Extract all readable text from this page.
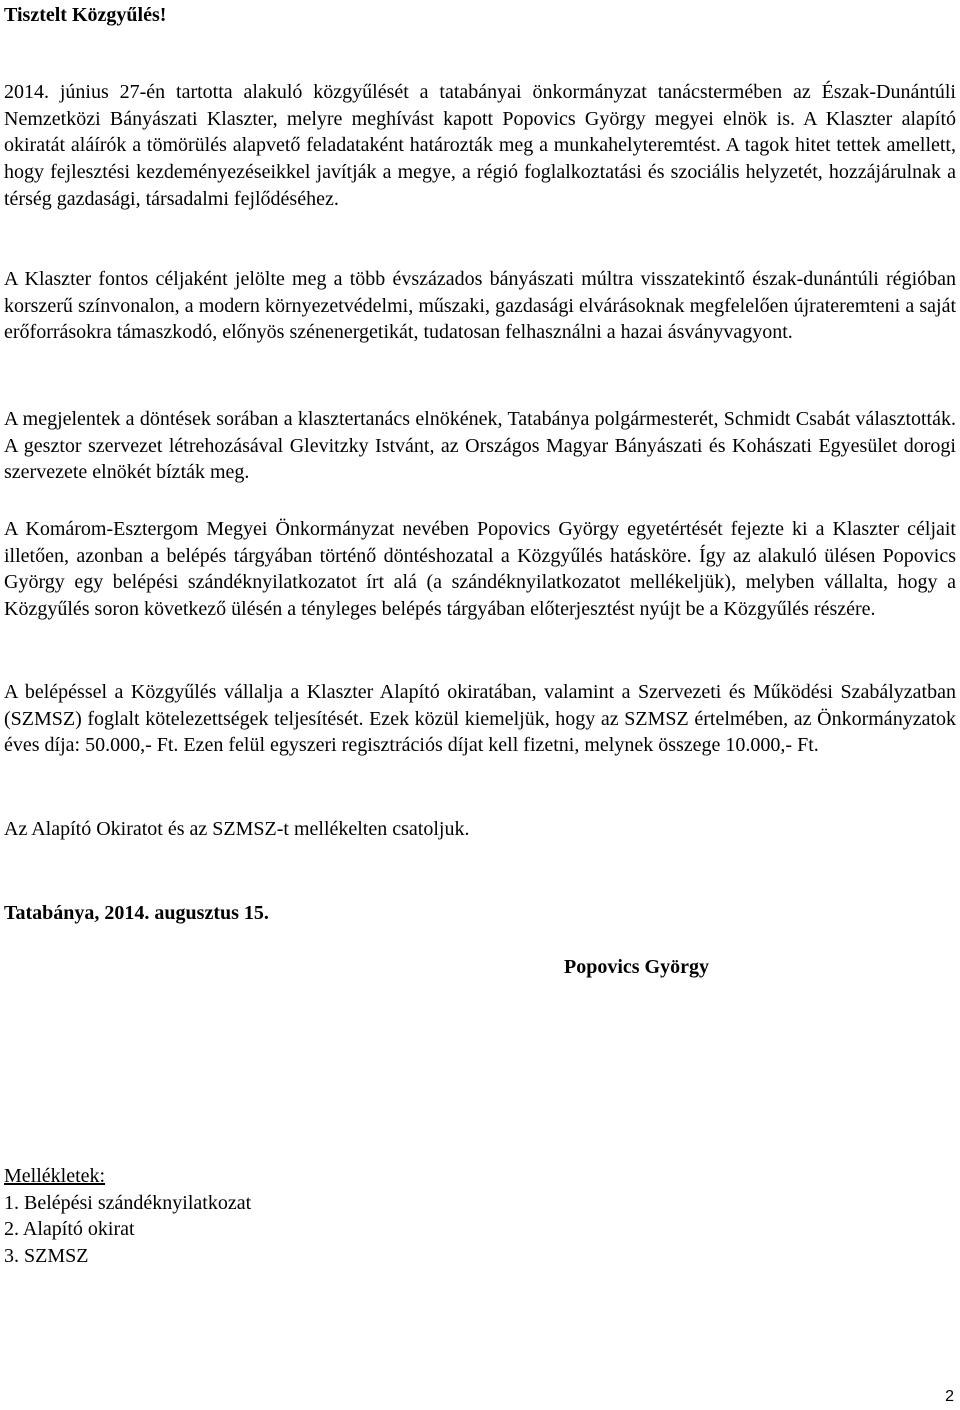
Tisztelt Közgyűlés!

2014. június 27-én tartotta alakuló közgyűlését a tatabányai önkormányzat tanácstermében az Észak-Dunántúli Nemzetközi Bányászati Klaszter, melyre meghívást kapott Popovics György megyei elnök is. A Klaszter alapító okiratát aláírók a tömörülés alapvető feladataként határozták meg a munkahelyteremtést. A tagok hitet tettek amellett, hogy fejlesztési kezdeményezéseikkel javítják a megye, a régió foglalkoztatási és szociális helyzetét, hozzájárulnak a térség gazdasági, társadalmi fejlődéséhez.

A Klaszter fontos céljaként jelölte meg a több évszázados bányászati múltra visszatekintő észak-dunántúli régióban korszerű színvonalon, a modern környezetvédelmi, műszaki, gazdasági elvárásoknak megfelelően újrateremteni a saját erőforrásokra támaszkodó, előnyös szénenergetikát, tudatosan felhasználni a hazai ásványvagyont.

A megjelentek a döntések sorában a klasztertanács elnökének, Tatabánya polgármesterét, Schmidt Csabát választották. A gesztor szervezet létrehozásával Glevitzky Istvánt, az Országos Magyar Bányászati és Kohászati Egyesület dorogi szervezete elnökét bízták meg.

A Komárom-Esztergom Megyei Önkormányzat nevében Popovics György egyetértését fejezte ki a Klaszter céljait illetően, azonban a belépés tárgyában történő döntéshozatal a Közgyűlés hatásköre. Így az alakuló ülésen Popovics György egy belépési szándéknyilatkozatot írt alá (a szándéknyilatkozatot mellékeljük), melyben vállalta, hogy a Közgyűlés soron következő ülésén a tényleges belépés tárgyában előterjesztést nyújt be a Közgyűlés részére.

A belépéssel a Közgyűlés vállalja a Klaszter Alapító okiratában, valamint a Szervezeti és Működési Szabályzatban (SZMSZ) foglalt kötelezettségek teljesítését. Ezek közül kiemeljük, hogy az SZMSZ értelmében, az Önkormányzatok éves díja: 50.000,- Ft. Ezen felül egyszeri regisztrációs díjat kell fizetni, melynek összege 10.000,- Ft.

Az Alapító Okiratot és az SZMSZ-t mellékelten csatoljuk.

Tatabánya, 2014. augusztus 15.

Popovics György

Mellékletek:
1. Belépési szándéknyilatkozat
2. Alapító okirat
3. SZMSZ

2
